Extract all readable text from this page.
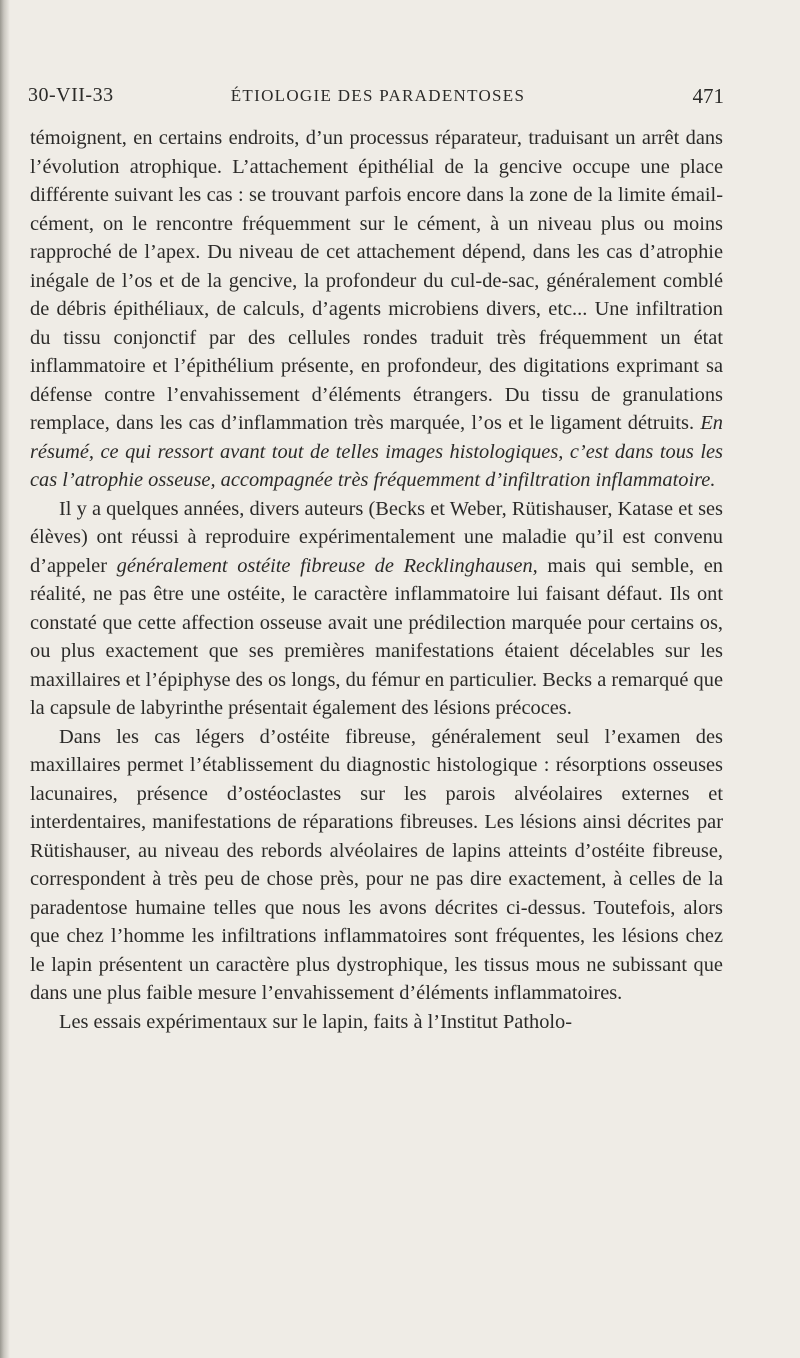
30-VII-33	ÉTIOLOGIE DES PARADENTOSES	471

témoignent, en certains endroits, d’un processus réparateur, traduisant un arrêt dans l’évolution atrophique. L’attachement épithélial de la gencive occupe une place différente suivant les cas : se trouvant parfois encore dans la zone de la limite émail-cément, on le rencontre fréquemment sur le cément, à un niveau plus ou moins rapproché de l’apex. Du niveau de cet attachement dépend, dans les cas d’atrophie inégale de l’os et de la gencive, la profondeur du cul-de-sac, généralement comblé de débris épithéliaux, de calculs, d’agents microbiens divers, etc... Une infiltration du tissu conjonctif par des cellules rondes traduit très fréquemment un état inflammatoire et l’épithélium présente, en profondeur, des digitations exprimant sa défense contre l’envahissement d’éléments étrangers. Du tissu de granulations remplace, dans les cas d’inflammation très marquée, l’os et le ligament détruits. En résumé, ce qui ressort avant tout de telles images histologiques, c’est dans tous les cas l’atrophie osseuse, accompagnée très fréquemment d’infiltration inflammatoire.

Il y a quelques années, divers auteurs (Becks et Weber, Rütishauser, Katase et ses élèves) ont réussi à reproduire expérimentalement une maladie qu’il est convenu d’appeler généralement ostéite fibreuse de Recklinghausen, mais qui semble, en réalité, ne pas être une ostéite, le caractère inflammatoire lui faisant défaut. Ils ont constaté que cette affection osseuse avait une prédilection marquée pour certains os, ou plus exactement que ses premières manifestations étaient décelables sur les maxillaires et l’épiphyse des os longs, du fémur en particulier. Becks a remarqué que la capsule de labyrinthe présentait également des lésions précoces.

Dans les cas légers d’ostéite fibreuse, généralement seul l’examen des maxillaires permet l’établissement du diagnostic histologique : résorptions osseuses lacunaires, présence d’ostéoclastes sur les parois alvéolaires externes et interdentaires, manifestations de réparations fibreuses. Les lésions ainsi décrites par Rütishauser, au niveau des rebords alvéolaires de lapins atteints d’ostéite fibreuse, correspondent à très peu de chose près, pour ne pas dire exactement, à celles de la paradentose humaine telles que nous les avons décrites ci-dessus. Toutefois, alors que chez l’homme les infiltrations inflammatoires sont fréquentes, les lésions chez le lapin présentent un caractère plus dystrophique, les tissus mous ne subissant que dans une plus faible mesure l’envahissement d’éléments inflammatoires.

Les essais expérimentaux sur le lapin, faits à l’Institut Patholo-
